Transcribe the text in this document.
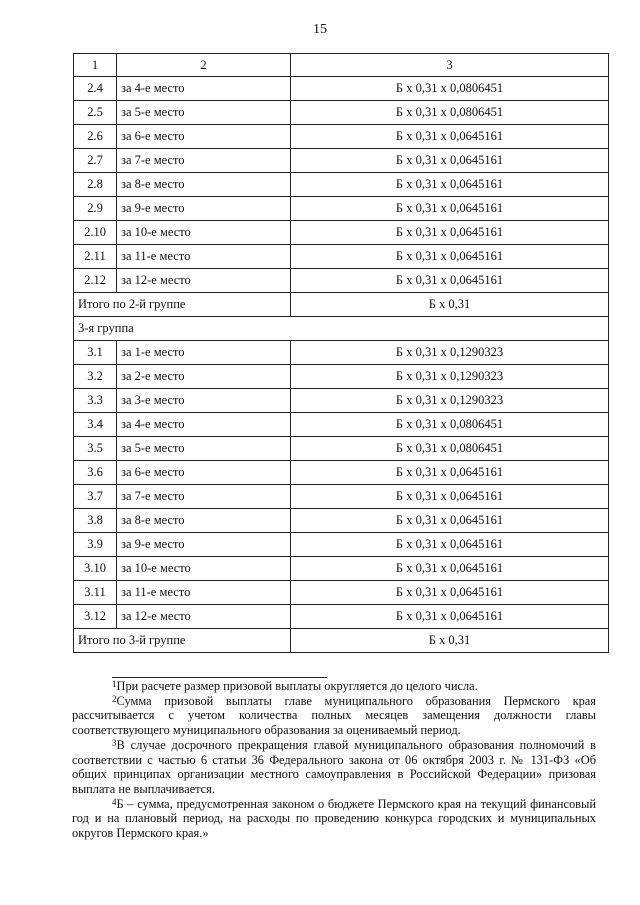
15
1	2	3
2.4	за 4-е место	Б х 0,31 х 0,0806451
2.5	за 5-е место	Б х 0,31 х 0,0806451
2.6	за 6-е место	Б х 0,31 х 0,0645161
2.7	за 7-е место	Б х 0,31 х 0,0645161
2.8	за 8-е место	Б х 0,31 х 0,0645161
2.9	за 9-е место	Б х 0,31 х 0,0645161
2.10	за 10-е место	Б х 0,31 х 0,0645161
2.11	за 11-е место	Б х 0,31 х 0,0645161
2.12	за 12-е место	Б х 0,31 х 0,0645161
Итого по 2-й группе		Б х 0,31
3-я группа		
3.1	за 1-е место	Б х 0,31 х 0,1290323
3.2	за 2-е место	Б х 0,31 х 0,1290323
3.3	за 3-е место	Б х 0,31 х 0,1290323
3.4	за 4-е место	Б х 0,31 х 0,0806451
3.5	за 5-е место	Б х 0,31 х 0,0806451
3.6	за 6-е место	Б х 0,31 х 0,0645161
3.7	за 7-е место	Б х 0,31 х 0,0645161
3.8	за 8-е место	Б х 0,31 х 0,0645161
3.9	за 9-е место	Б х 0,31 х 0,0645161
3.10	за 10-е место	Б х 0,31 х 0,0645161
3.11	за 11-е место	Б х 0,31 х 0,0645161
3.12	за 12-е место	Б х 0,31 х 0,0645161
Итого по 3-й группе		Б х 0,31

$^1$При расчете размер призовой выплаты округляется до целого числа.

$^2$Сумма призовой выплаты главе муниципального образования Пермского края рассчитывается с учетом количества полных месяцев замещения должности главы соответствующего муниципального образования за оцениваемый период.

$^3$В случае досрочного прекращения главой муниципального образования полномочий в соответствии с частью 6 статьи 36 Федерального закона от 06 октября 2003 г. № 131-ФЗ «Об общих принципах организации местного самоуправления в Российской Федерации» призовая выплата не выплачивается.

$^4$Б – сумма, предусмотренная законом о бюджете Пермского края на текущий финансовый год и на плановый период, на расходы по проведению конкурса городских и муниципальных округов Пермского края.»
